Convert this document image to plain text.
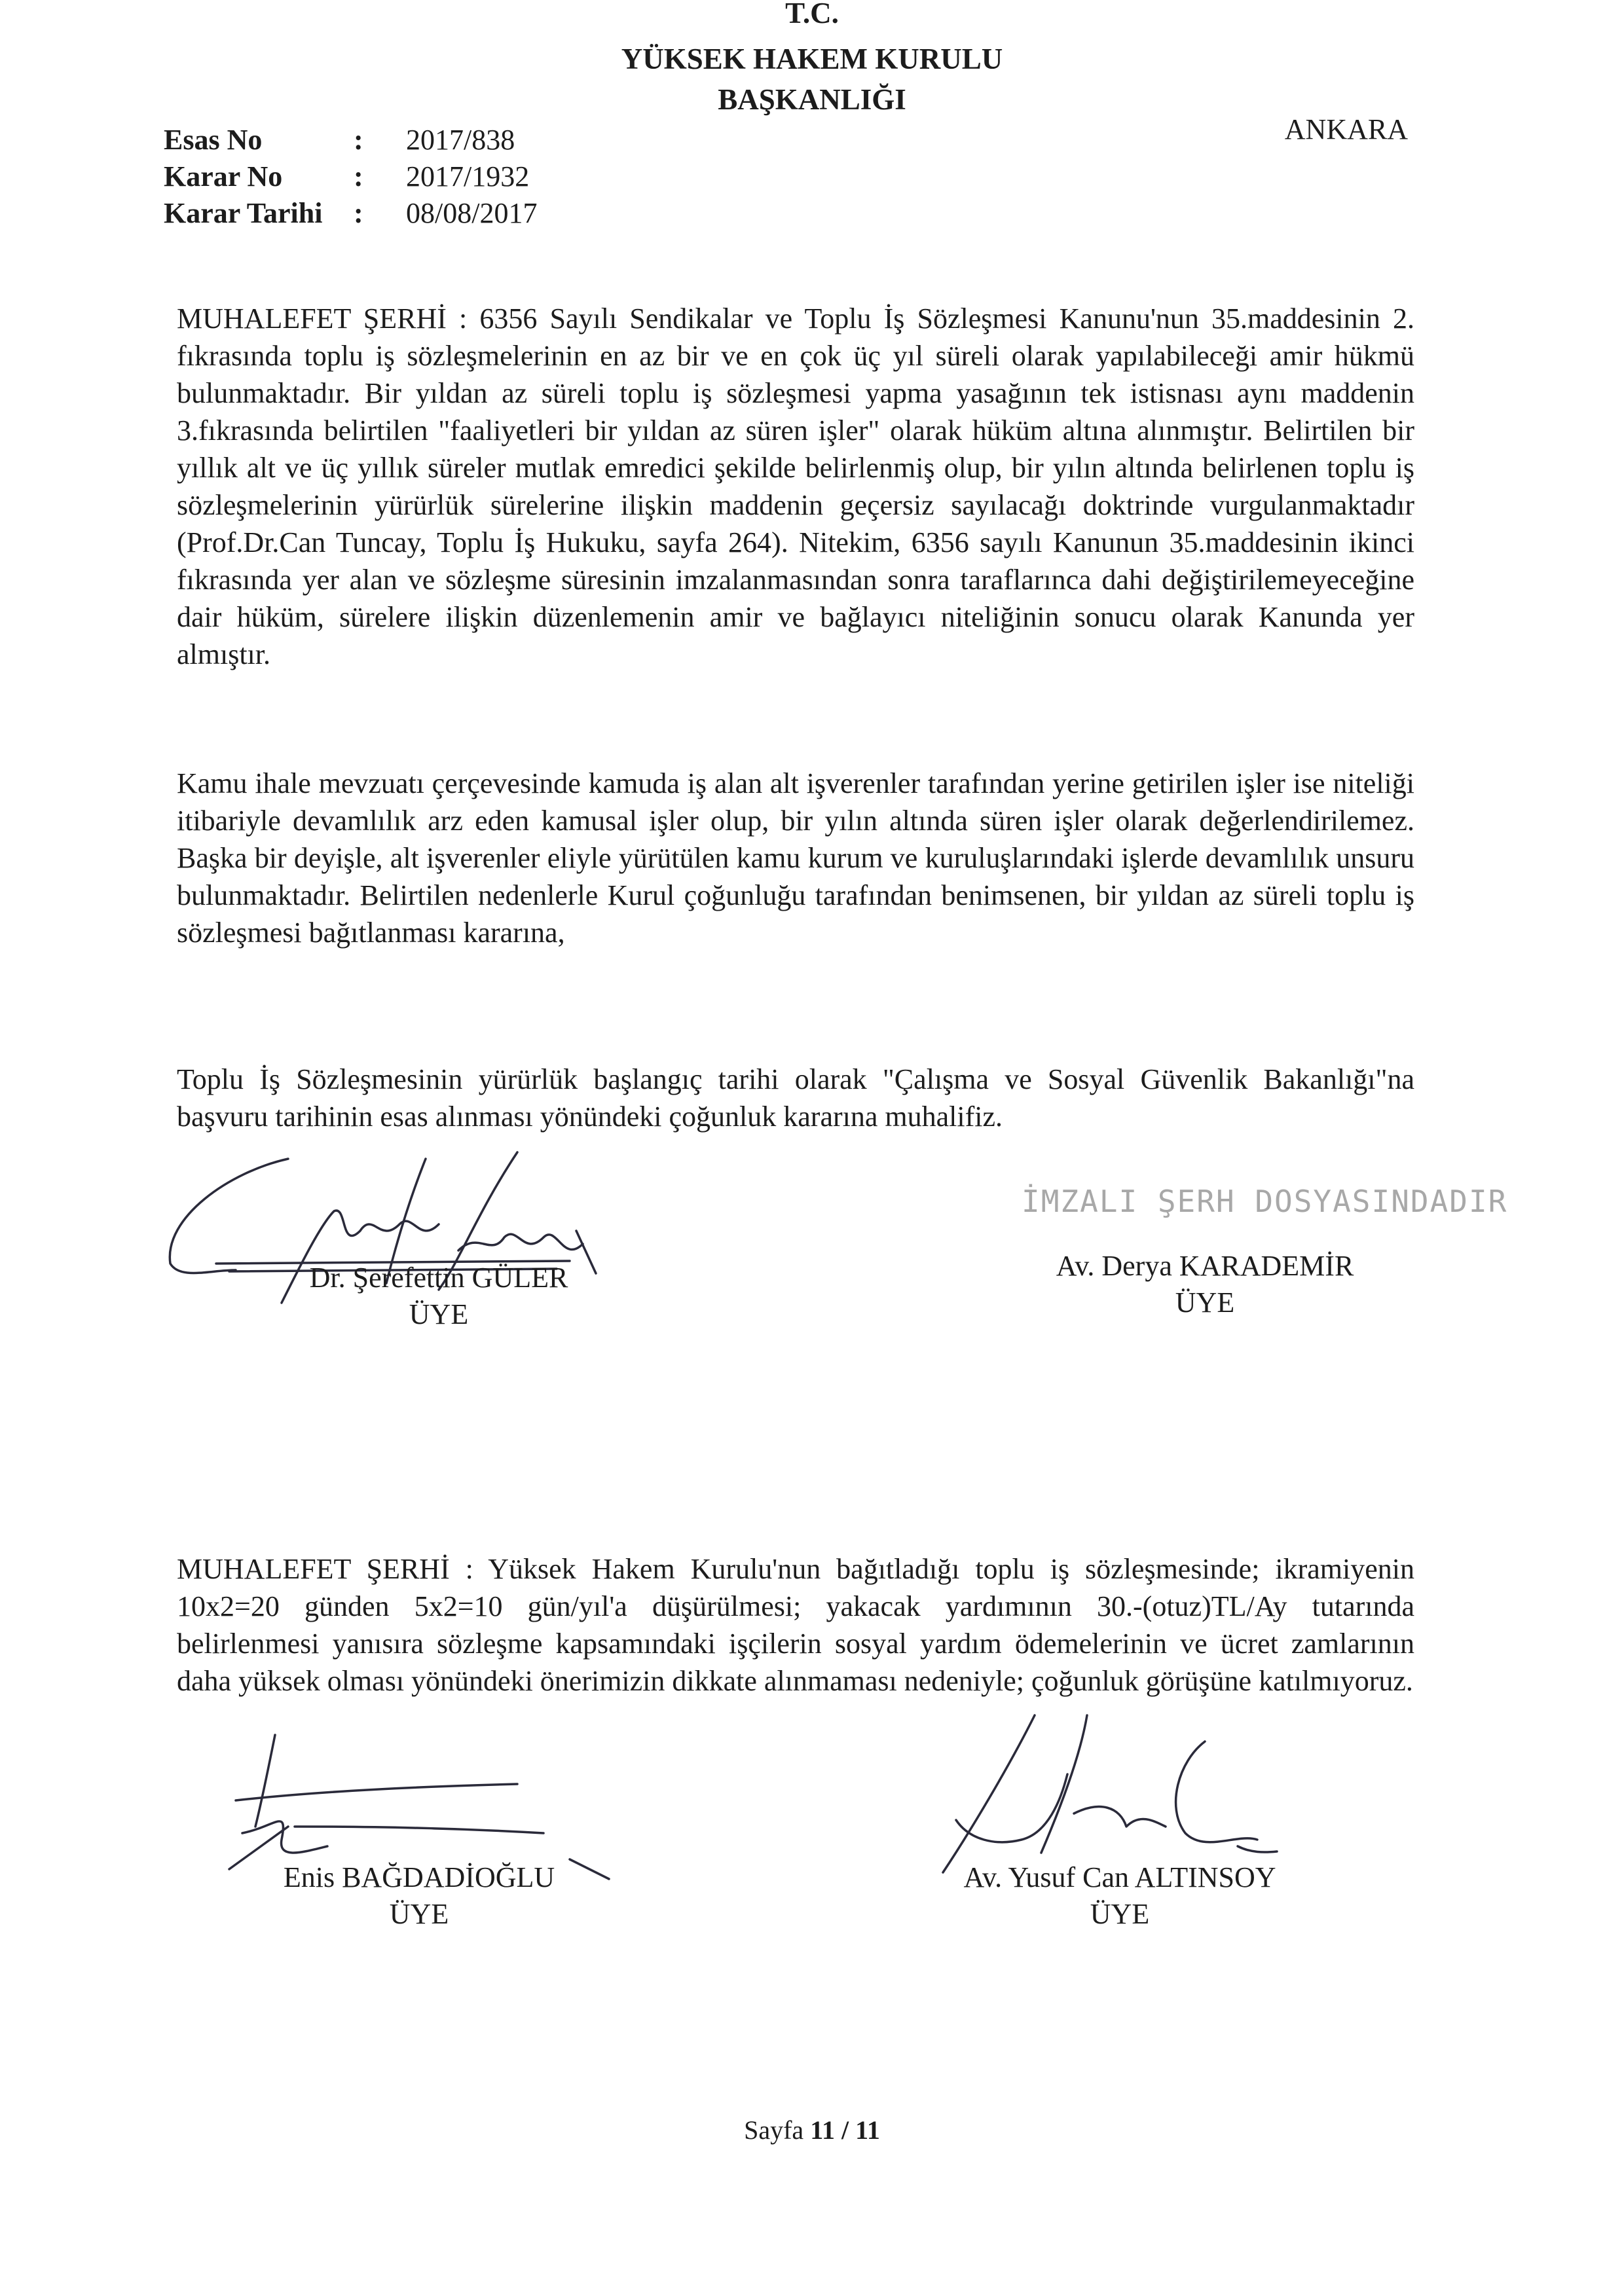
T.C.
YÜKSEK HAKEM KURULU
BAŞKANLIĞI
ANKARA
Esas No	:	2017/838
Karar No	:	2017/1932
Karar Tarihi	:	08/08/2017

MUHALEFET ŞERHİ : 6356 Sayılı Sendikalar ve Toplu İş Sözleşmesi Kanunu'nun 35.maddesinin 2. fıkrasında toplu iş sözleşmelerinin en az bir ve en çok üç yıl süreli olarak yapılabileceği amir hükmü bulunmaktadır. Bir yıldan az süreli toplu iş sözleşmesi yapma yasağının tek istisnası aynı maddenin 3.fıkrasında belirtilen "faaliyetleri bir yıldan az süren işler" olarak hüküm altına alınmıştır. Belirtilen bir yıllık alt ve üç yıllık süreler mutlak emredici şekilde belirlenmiş olup, bir yılın altında belirlenen toplu iş sözleşmelerinin yürürlük sürelerine ilişkin maddenin geçersiz sayılacağı doktrinde vurgulanmaktadır (Prof.Dr.Can Tuncay, Toplu İş Hukuku, sayfa 264). Nitekim, 6356 sayılı Kanunun 35.maddesinin ikinci fıkrasında yer alan ve sözleşme süresinin imzalanmasından sonra taraflarınca dahi değiştirilemeyeceğine dair hüküm, sürelere ilişkin düzenlemenin amir ve bağlayıcı niteliğinin sonucu olarak Kanunda yer almıştır.

Kamu ihale mevzuatı çerçevesinde kamuda iş alan alt işverenler tarafından yerine getirilen işler ise niteliği itibariyle devamlılık arz eden kamusal işler olup, bir yılın altında süren işler olarak değerlendirilemez. Başka bir deyişle, alt işverenler eliyle yürütülen kamu kurum ve kuruluşlarındaki işlerde devamlılık unsuru bulunmaktadır. Belirtilen nedenlerle Kurul çoğunluğu tarafından benimsenen, bir yıldan az süreli toplu iş sözleşmesi bağıtlanması kararına,

Toplu İş Sözleşmesinin yürürlük başlangıç tarihi olarak "Çalışma ve Sosyal Güvenlik Bakanlığı"na başvuru tarihinin esas alınması yönündeki çoğunluk kararına muhalifiz.

Dr. Şerefettin GÜLER
ÜYE
İMZALI ŞERH DOSYASINDADIR
Av. Derya KARADEMİR
ÜYE

MUHALEFET ŞERHİ : Yüksek Hakem Kurulu'nun bağıtladığı toplu iş sözleşmesinde; ikramiyenin 10x2=20 günden 5x2=10 gün/yıl'a düşürülmesi; yakacak yardımının 30.-(otuz)TL/Ay tutarında belirlenmesi yanısıra sözleşme kapsamındaki işçilerin sosyal yardım ödemelerinin ve ücret zamlarının daha yüksek olması yönündeki önerimizin dikkate alınmaması nedeniyle; çoğunluk görüşüne katılmıyoruz.

Enis BAĞDADİOĞLU
ÜYE
Av. Yusuf Can ALTINSOY
ÜYE
Sayfa 11 / 11
